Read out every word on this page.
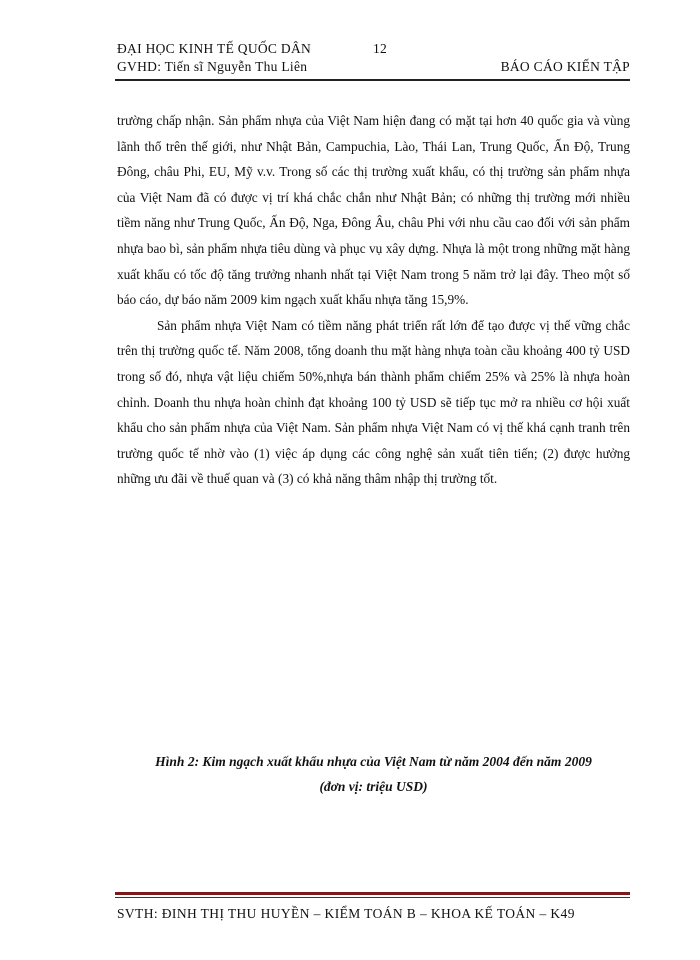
ĐẠI HỌC KINH TẾ QUỐC DÂN	12
GVHD: Tiến sĩ Nguyễn Thu Liên	BÁO CÁO KIẾN TẬP

trường chấp nhận. Sản phẩm nhựa của Việt Nam hiện đang có mặt tại hơn 40 quốc gia và vùng lãnh thổ trên thế giới, như Nhật Bản, Campuchia, Lào, Thái Lan, Trung Quốc, Ấn Độ, Trung Đông, châu Phi, EU, Mỹ v.v. Trong số các thị trường xuất khẩu, có thị trường sản phẩm nhựa của Việt Nam đã có được vị trí khá chắc chắn như Nhật Bản; có những thị trường mới nhiều tiềm năng như Trung Quốc, Ấn Độ, Nga, Đông Âu, châu Phi với nhu cầu cao đối với sản phẩm nhựa bao bì, sản phẩm nhựa tiêu dùng và phục vụ xây dựng. Nhựa là một trong những mặt hàng xuất khẩu có tốc độ tăng trưởng nhanh nhất tại Việt Nam trong 5 năm trở lại đây. Theo một số báo cáo, dự báo năm 2009 kim ngạch xuất khẩu nhựa tăng 15,9%.

Sản phẩm nhựa Việt Nam có tiềm năng phát triển rất lớn để tạo được vị thế vững chắc trên thị trường quốc tế. Năm 2008, tổng doanh thu mặt hàng nhựa toàn cầu khoảng 400 tỷ USD trong số đó, nhựa vật liệu chiếm 50%,nhựa bán thành phẩm chiếm 25% và 25% là nhựa hoàn chỉnh. Doanh thu nhựa hoàn chỉnh đạt khoảng 100 tỷ USD sẽ tiếp tục mở ra nhiều cơ hội xuất khẩu cho sản phẩm nhựa của Việt Nam. Sản phẩm nhựa Việt Nam có vị thế khá cạnh tranh trên trường quốc tế nhờ vào (1) việc áp dụng các công nghệ sản xuất tiên tiến; (2) được hưởng những ưu đãi về thuế quan và (3) có khả năng thâm nhập thị trường tốt.

Hình 2: Kim ngạch xuất khẩu nhựa của Việt Nam từ năm 2004 đến năm 2009
(đơn vị: triệu USD)
SVTH: ĐINH THỊ THU HUYỀN – KIỂM TOÁN B – KHOA KẾ TOÁN – K49
